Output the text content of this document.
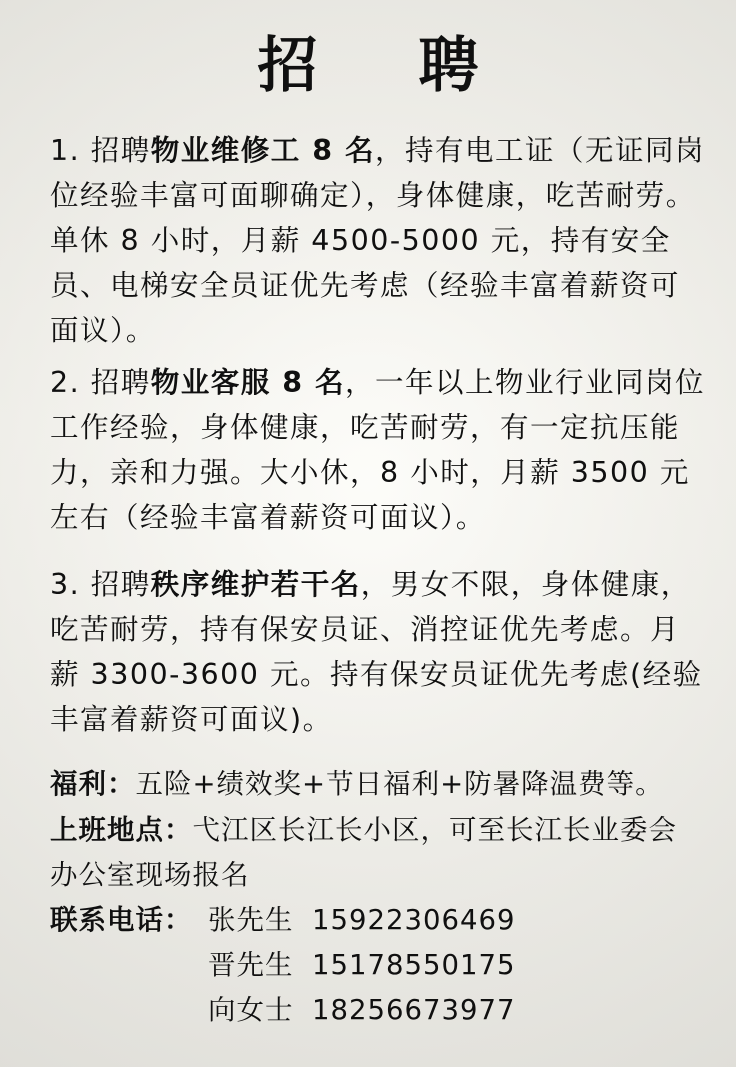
招 聘

1. 招聘物业维修工 8 名，持有电工证（无证同岗位经验丰富可面聊确定），身体健康，吃苦耐劳。单休 8 小时，月薪 4500-5000 元，持有安全员、电梯安全员证优先考虑（经验丰富着薪资可面议）。

2. 招聘物业客服 8 名，一年以上物业行业同岗位工作经验，身体健康，吃苦耐劳，有一定抗压能力，亲和力强。大小休，8 小时，月薪 3500 元左右（经验丰富着薪资可面议）。

3. 招聘秩序维护若干名，男女不限，身体健康，吃苦耐劳，持有保安员证、消控证优先考虑。月薪 3300-3600 元。持有保安员证优先考虑(经验丰富着薪资可面议)。

福利：五险+绩效奖+节日福利+防暑降温费等。
上班地点：弋江区长江长小区，可至长江长业委会办公室现场报名
联系电话： 张先生 15922306469
晋先生 15178550175
向女士 18256673977
